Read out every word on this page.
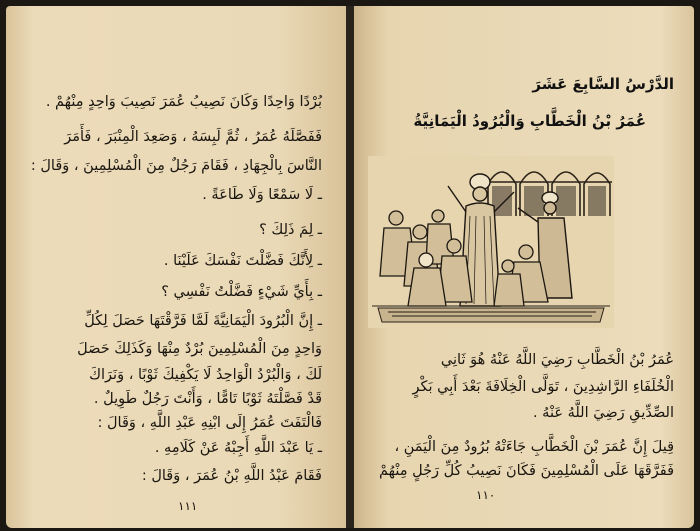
بُرْدًا وَاحِدًا وَكَانَ نَصِيبُ عُمَرَ نَصِيبَ وَاحِدٍ مِنْهُمْ .
فَفَصَّلَهُ عُمَرُ ، ثُمَّ لَبِسَهُ ، وَصَعِدَ الْمِنْبَرَ ، فَأَمَرَ
النَّاسَ بِالْجِهَادِ ، فَقَامَ رَجُلٌ مِنَ الْمُسْلِمِينَ ، وَقَالَ :
ـ لَا سَمْعًا وَلَا طَاعَةً .
ـ لِمَ ذَلِكَ ؟
ـ لِأَنَّكَ فَضَّلْتَ نَفْسَكَ عَلَيْنَا .
ـ بِأَيِّ شَيْءٍ فَضَّلْتُ نَفْسِي ؟
ـ إِنَّ الْبُرُودَ الْيَمَانِيَّةَ لَمَّا فَرَّقْتَهَا حَصَلَ لِكُلِّ
وَاحِدٍ مِنَ الْمُسْلِمِينَ بُرْدٌ مِنْهَا وَكَذَلِكَ حَصَلَ
لَكَ ، وَالْبُرْدُ الْوَاحِدُ لَا يَكْفِيكَ ثَوْبًا ، وَنَرَاكَ
قَدْ فَصَّلْتَهُ ثَوْبًا تَامًّا ، وَأَنْتَ رَجُلٌ طَوِيلٌ .
فَالْتَفَتَ عُمَرُ إِلَى ابْنِهِ عَبْدِ اللَّهِ ، وَقَالَ :
ـ يَا عَبْدَ اللَّهِ أَجِبْهُ عَنْ كَلَامِهِ .
فَقَامَ عَبْدُ اللَّهِ بْنُ عُمَرَ ، وَقَالَ :
١١١
الدَّرْسُ السَّابِعَ عَشَرَ
عُمَرُ بْنُ الْخَطَّابِ وَالْبُرُودُ الْيَمَانِيَّةُ
عُمَرُ بْنُ الْخَطَّابِ رَضِيَ اللَّهُ عَنْهُ هُوَ ثَانِي
الْخُلَفَاءِ الرَّاشِدِينَ ، تَوَلَّى الْخِلَافَةَ بَعْدَ أَبِي بَكْرٍ
الصِّدِّيقِ رَضِيَ اللَّهُ عَنْهُ .
قِيلَ إِنَّ عُمَرَ بْنَ الْخَطَّابِ جَاءَتْهُ بُرُودٌ مِنَ الْيَمَنِ ،
فَفَرَّقَهَا عَلَى الْمُسْلِمِينَ فَكَانَ نَصِيبُ كُلِّ رَجُلٍ مِنْهُمْ
١١٠
